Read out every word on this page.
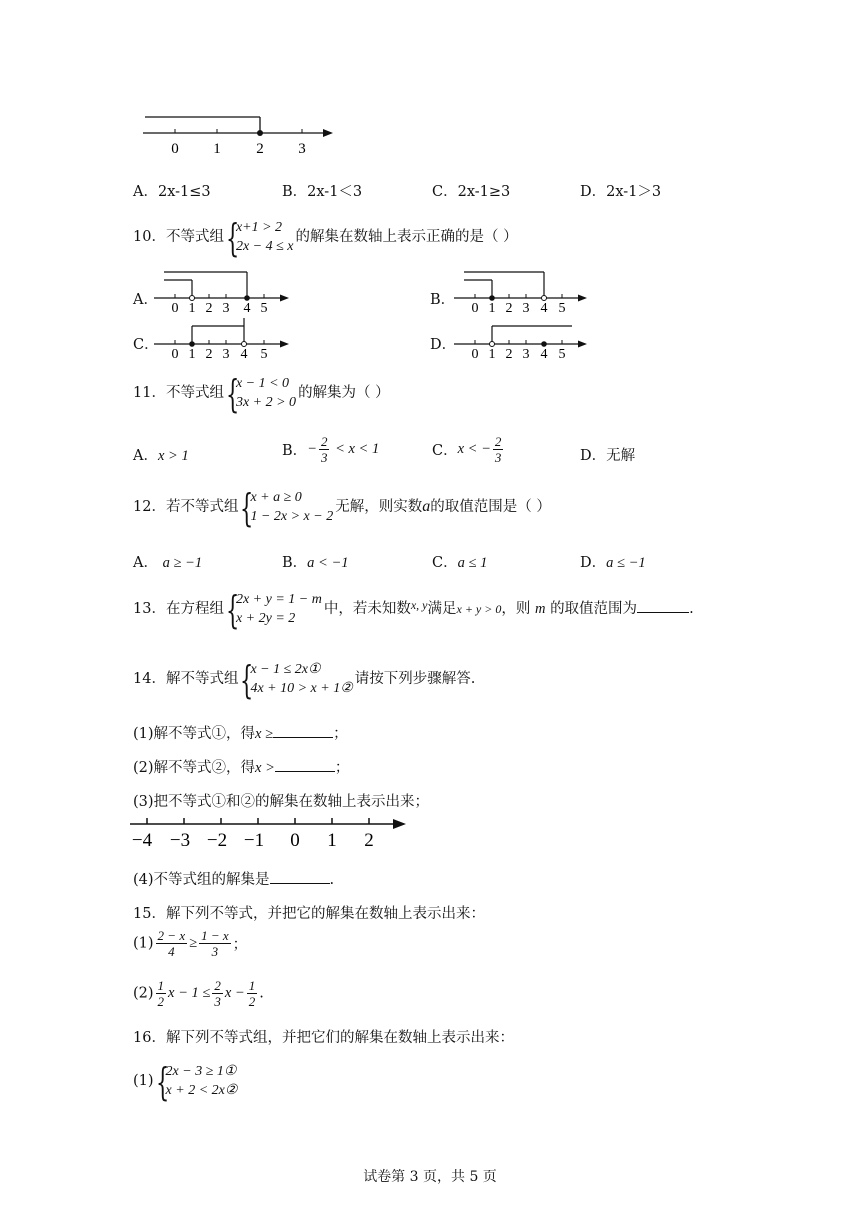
0 1 2 3
A．2x-1≤3	B．2x-1＜3	C．2x-1≥3	D．2x-1＞3
10．不等式组 {
x+1 > 2
2x − 4 ≤ x
的解集在数轴上表示正确的是（ ）
A．
0 1 2 3 4 5
B．
0 1 2 3 4 5
C．
0 1 2 3 4 5
D．
0 1 2 3 4 5
11．不等式组 {
x − 1 < 0
3x + 2 > 0
的解集为（ ）
A．x > 1	B．− $\frac{2}{3} < x < 1$	C．x < − $\frac{2}{3}$	D．无解
12．若不等式组 {
x + a ≥ 0
1 − 2x > x − 2
无解，则实数a的取值范围是（ ）
A． a ≥ −1	B．a < −1	C．a ≤ 1	D．a ≤ −1
13．在方程组 {
2x + y = 1 − m
x + 2y = 2
中，若未知数$^{x, y}$满足x + y > 0，则 m 的取值范围为	.
14．解不等式组 {
x − 1 ≤ 2x①
4x + 10 > x + 1②
请按下列步骤解答.
(1)解不等式①，得x ≥	；
(2)解不等式②，得x >	；
(3)把不等式①和②的解集在数轴上表示出来；
−4 −3 −2 −1 0 1 2
(4)不等式组的解集是	.
15．解下列不等式，并把它的解集在数轴上表示出来：
$(1) \frac{2 - x}{4} \ge \frac{1 - x}{3}$ ；
$(2) \frac{1}{2}$ $x - 1 \le \frac{2}{3}$ $x - \frac{1}{2}$ .
16．解下列不等式组，并把它们的解集在数轴上表示出来：
(1) {
2x − 3 ≥ 1①
x + 2 < 2x②
试卷第 3 页，共 5 页
